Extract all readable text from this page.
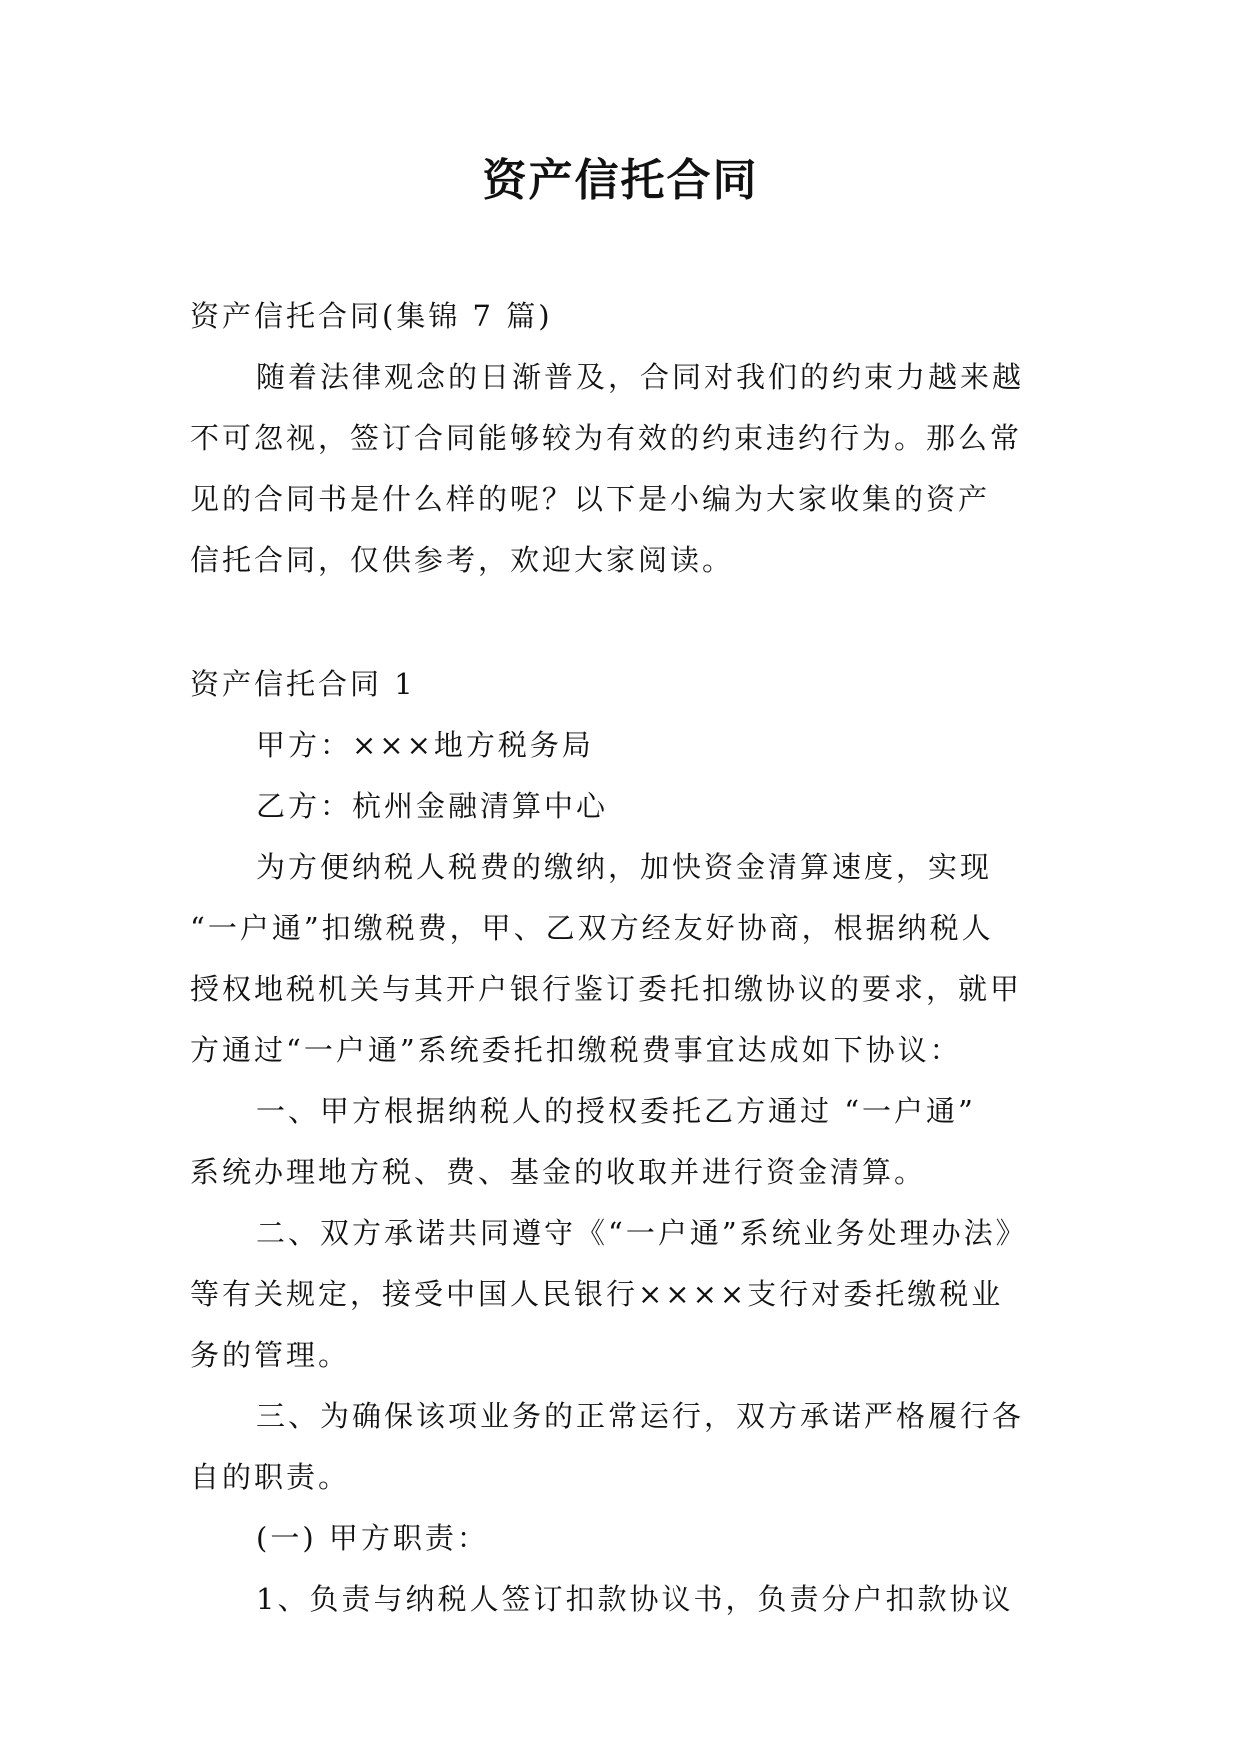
资产信托合同
资产信托合同(集锦 7 篇)
随着法律观念的日渐普及，合同对我们的约束力越来越
不可忽视，签订合同能够较为有效的约束违约行为。那么常
见的合同书是什么样的呢？以下是小编为大家收集的资产
信托合同，仅供参考，欢迎大家阅读。
资产信托合同 1
甲方：×××地方税务局
乙方：杭州金融清算中心
为方便纳税人税费的缴纳，加快资金清算速度，实现
“一户通”扣缴税费，甲、乙双方经友好协商，根据纳税人
授权地税机关与其开户银行鉴订委托扣缴协议的要求，就甲
方通过“一户通”系统委托扣缴税费事宜达成如下协议：
一、甲方根据纳税人的授权委托乙方通过 “一户通”
系统办理地方税、费、基金的收取并进行资金清算。
二、双方承诺共同遵守《“一户通”系统业务处理办法》
等有关规定，接受中国人民银行××××支行对委托缴税业
务的管理。
三、为确保该项业务的正常运行，双方承诺严格履行各
自的职责。
(一) 甲方职责：
1、负责与纳税人签订扣款协议书，负责分户扣款协议
